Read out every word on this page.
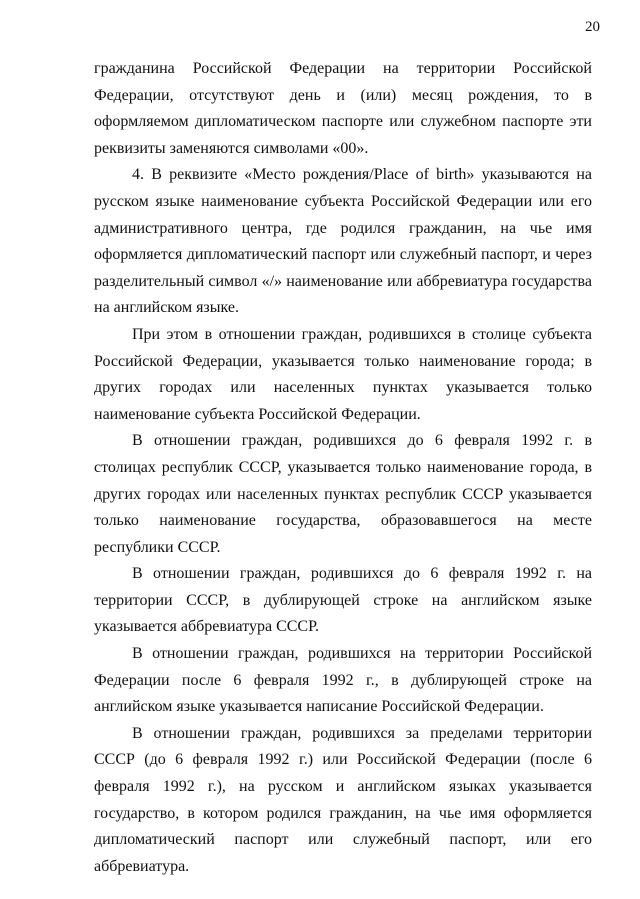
20

гражданина Российской Федерации на территории Российской Федерации, отсутствуют день и (или) месяц рождения, то в оформляемом дипломатическом паспорте или служебном паспорте эти реквизиты заменяются символами «00».

4. В реквизите «Место рождения/Place of birth» указываются на русском языке наименование субъекта Российской Федерации или его административного центра, где родился гражданин, на чье имя оформляется дипломатический паспорт или служебный паспорт, и через разделительный символ «/» наименование или аббревиатура государства на английском языке.

При этом в отношении граждан, родившихся в столице субъекта Российской Федерации, указывается только наименование города; в других городах или населенных пунктах указывается только наименование субъекта Российской Федерации.

В отношении граждан, родившихся до 6 февраля 1992 г. в столицах республик СССР, указывается только наименование города, в других городах или населенных пунктах республик СССР указывается только наименование государства, образовавшегося на месте республики СССР.

В отношении граждан, родившихся до 6 февраля 1992 г. на территории СССР, в дублирующей строке на английском языке указывается аббревиатура СССР.

В отношении граждан, родившихся на территории Российской Федерации после 6 февраля 1992 г., в дублирующей строке на английском языке указывается написание Российской Федерации.

В отношении граждан, родившихся за пределами территории СССР (до 6 февраля 1992 г.) или Российской Федерации (после 6 февраля 1992 г.), на русском и английском языках указывается государство, в котором родился гражданин, на чье имя оформляется дипломатический паспорт или служебный паспорт, или его аббревиатура.
